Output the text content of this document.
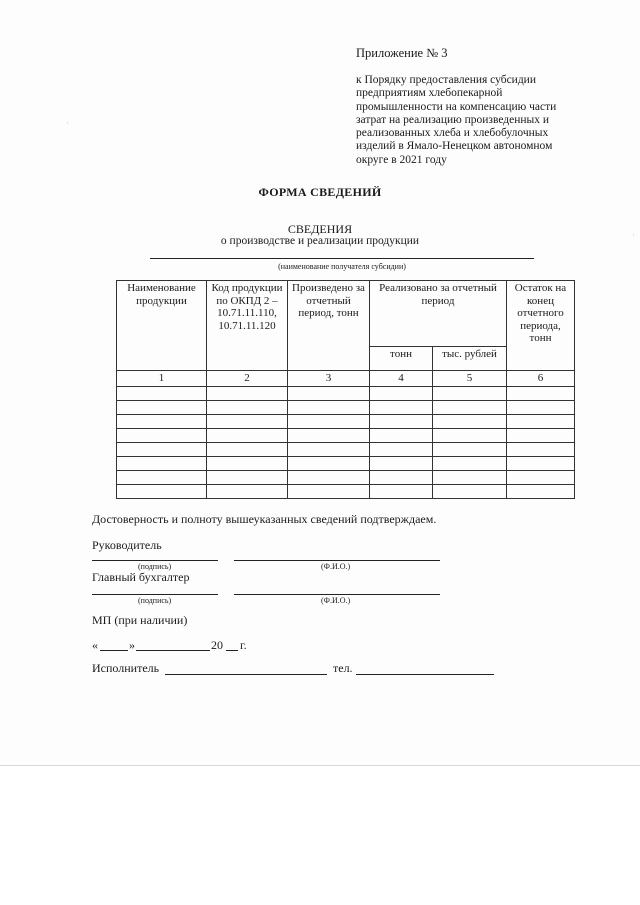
Приложение № 3
к Порядку предоставления субсидии
предприятиям хлебопекарной
промышленности на компенсацию части
затрат на реализацию произведенных и
реализованных хлеба и хлебобулочных
изделий в Ямало-Ненецком автономном
округе в 2021 году
ФОРМА СВЕДЕНИЙ
СВЕДЕНИЯ
о производстве и реализации продукции
(наименование получателя субсидии)
Наименование продукции	Код продукции по ОКПД 2 – 10.71.11.110, 10.71.11.120	Произведено за отчетный период, тонн	Реализовано за отчетный период		Остаток на конец отчетного периода, тонн
			тонн	тыс. рублей	
1	2	3	4	5	6

Достоверность и полноту вышеуказанных сведений подтверждаем.
Руководитель
(подпись)	(Ф.И.О.)
Главный бухгалтер
(подпись)	(Ф.И.О.)
МП (при наличии)
«	»	20 г.
Исполнитель	тел.
·
·
